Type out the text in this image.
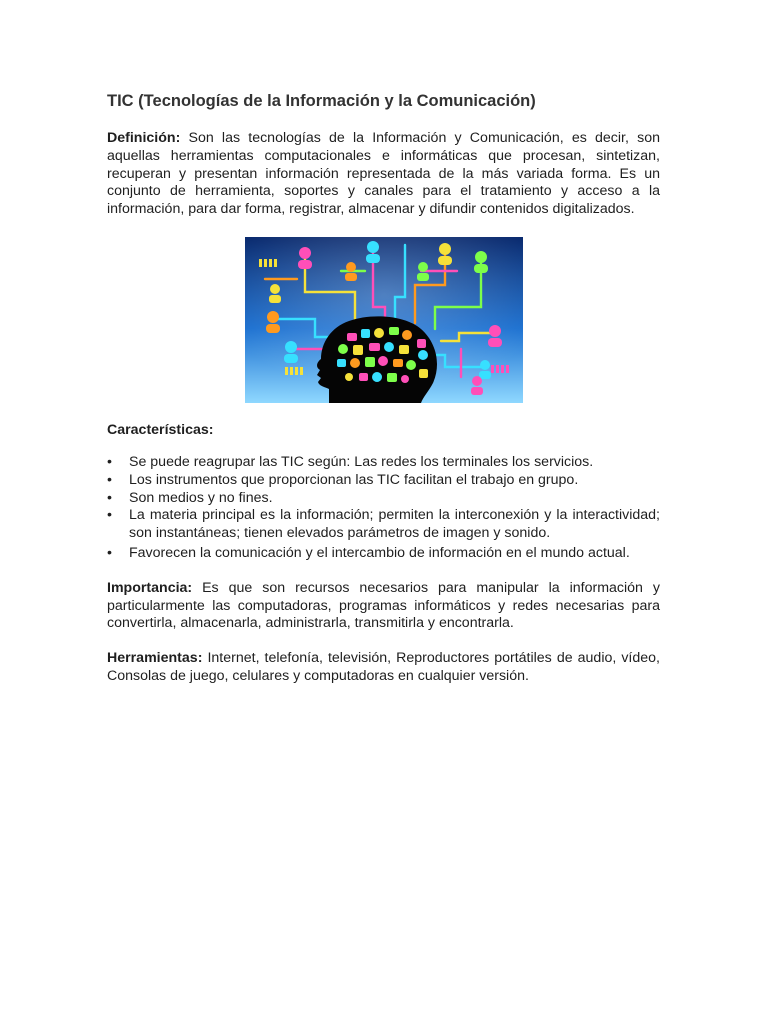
TIC (Tecnologías de la Información y la Comunicación)

Definición: Son las tecnologías de la Información y Comunicación, es decir, son aquellas herramientas computacionales e informáticas que procesan, sintetizan, recuperan y presentan información representada de la más variada forma. Es un conjunto de herramienta, soportes y canales para el tratamiento y acceso a la información, para dar forma, registrar, almacenar y difundir contenidos digitalizados.

Características:

• Se puede reagrupar las TIC según: Las redes los terminales los servicios.
• Los instrumentos que proporcionan las TIC facilitan el trabajo en grupo.
• Son medios y no fines.
• La materia principal es la información; permiten la interconexión y la interactividad; son instantáneas; tienen elevados parámetros de imagen y sonido.
• Favorecen la comunicación y el intercambio de información en el mundo actual.

Importancia: Es que son recursos necesarios para manipular la información y particularmente las computadoras, programas informáticos y redes necesarias para convertirla, almacenarla, administrarla, transmitirla y encontrarla.

Herramientas: Internet, telefonía, televisión, Reproductores portátiles de audio, vídeo, Consolas de juego, celulares y computadoras en cualquier versión.
